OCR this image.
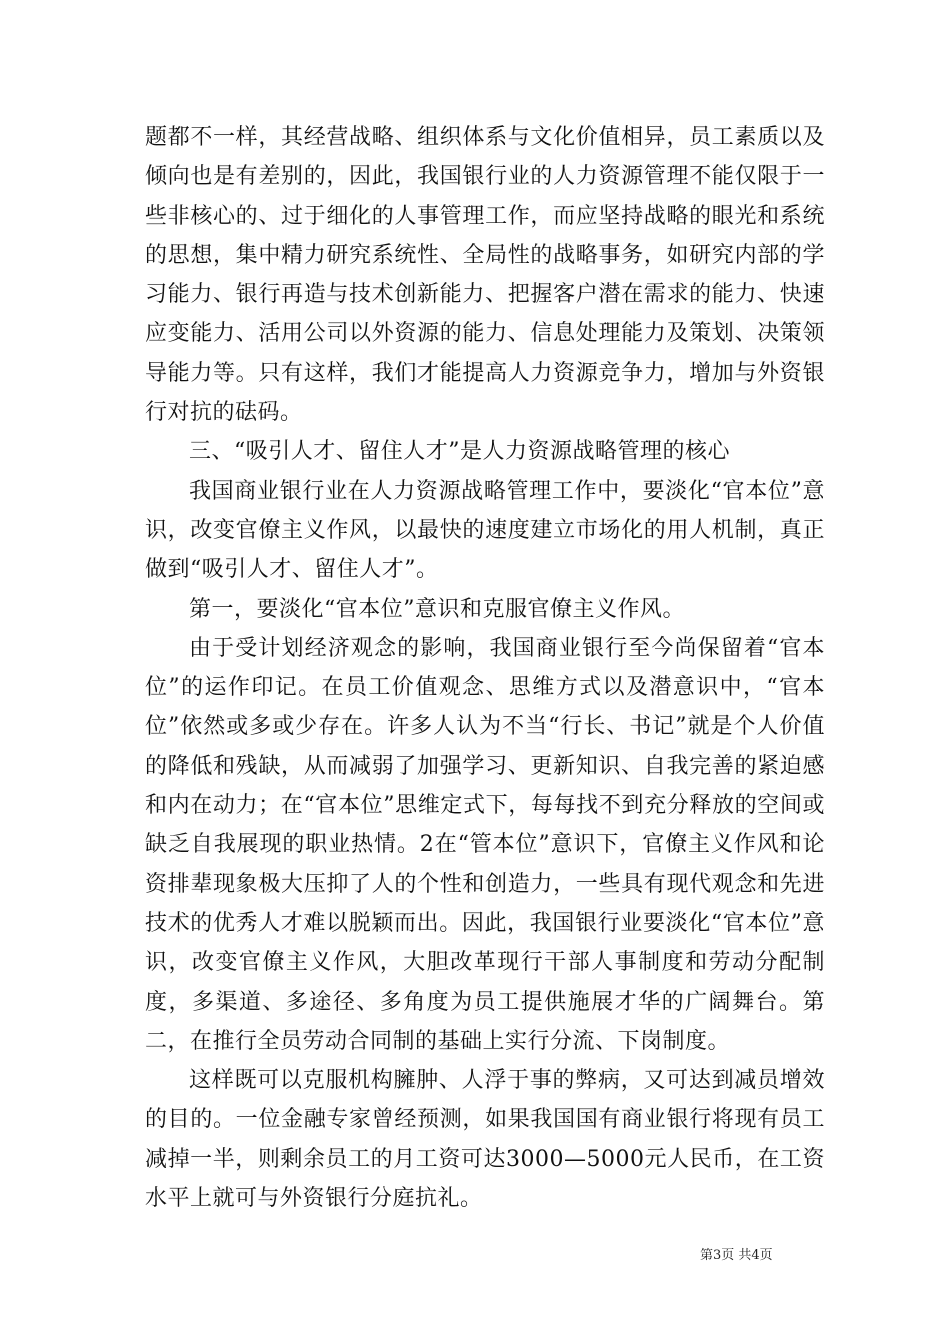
题都不一样，其经营战略、组织体系与文化价值相异，员工素质以及倾向也是有差别的，因此，我国银行业的人力资源管理不能仅限于一些非核心的、过于细化的人事管理工作，而应坚持战略的眼光和系统的思想，集中精力研究系统性、全局性的战略事务，如研究内部的学习能力、银行再造与技术创新能力、把握客户潜在需求的能力、快速应变能力、活用公司以外资源的能力、信息处理能力及策划、决策领导能力等。只有这样，我们才能提高人力资源竞争力，增加与外资银行对抗的砝码。

三、“吸引人才、留住人才”是人力资源战略管理的核心

我国商业银行业在人力资源战略管理工作中，要淡化“官本位”意识，改变官僚主义作风，以最快的速度建立市场化的用人机制，真正做到“吸引人才、留住人才”。

第一，要淡化“官本位”意识和克服官僚主义作风。

由于受计划经济观念的影响，我国商业银行至今尚保留着“官本位”的运作印记。在员工价值观念、思维方式以及潜意识中，“官本位”依然或多或少存在。许多人认为不当“行长、书记”就是个人价值的降低和残缺，从而减弱了加强学习、更新知识、自我完善的紧迫感和内在动力；在“官本位”思维定式下，每每找不到充分释放的空间或缺乏自我展现的职业热情。2在“管本位”意识下，官僚主义作风和论资排辈现象极大压抑了人的个性和创造力，一些具有现代观念和先进技术的优秀人才难以脱颖而出。因此，我国银行业要淡化“官本位”意识，改变官僚主义作风，大胆改革现行干部人事制度和劳动分配制度，多渠道、多途径、多角度为员工提供施展才华的广阔舞台。第二，在推行全员劳动合同制的基础上实行分流、下岗制度。

这样既可以克服机构臃肿、人浮于事的弊病，又可达到减员增效的目的。一位金融专家曾经预测，如果我国国有商业银行将现有员工减掉一半，则剩余员工的月工资可达3000—5000元人民币，在工资水平上就可与外资银行分庭抗礼。

第3页 共4页
